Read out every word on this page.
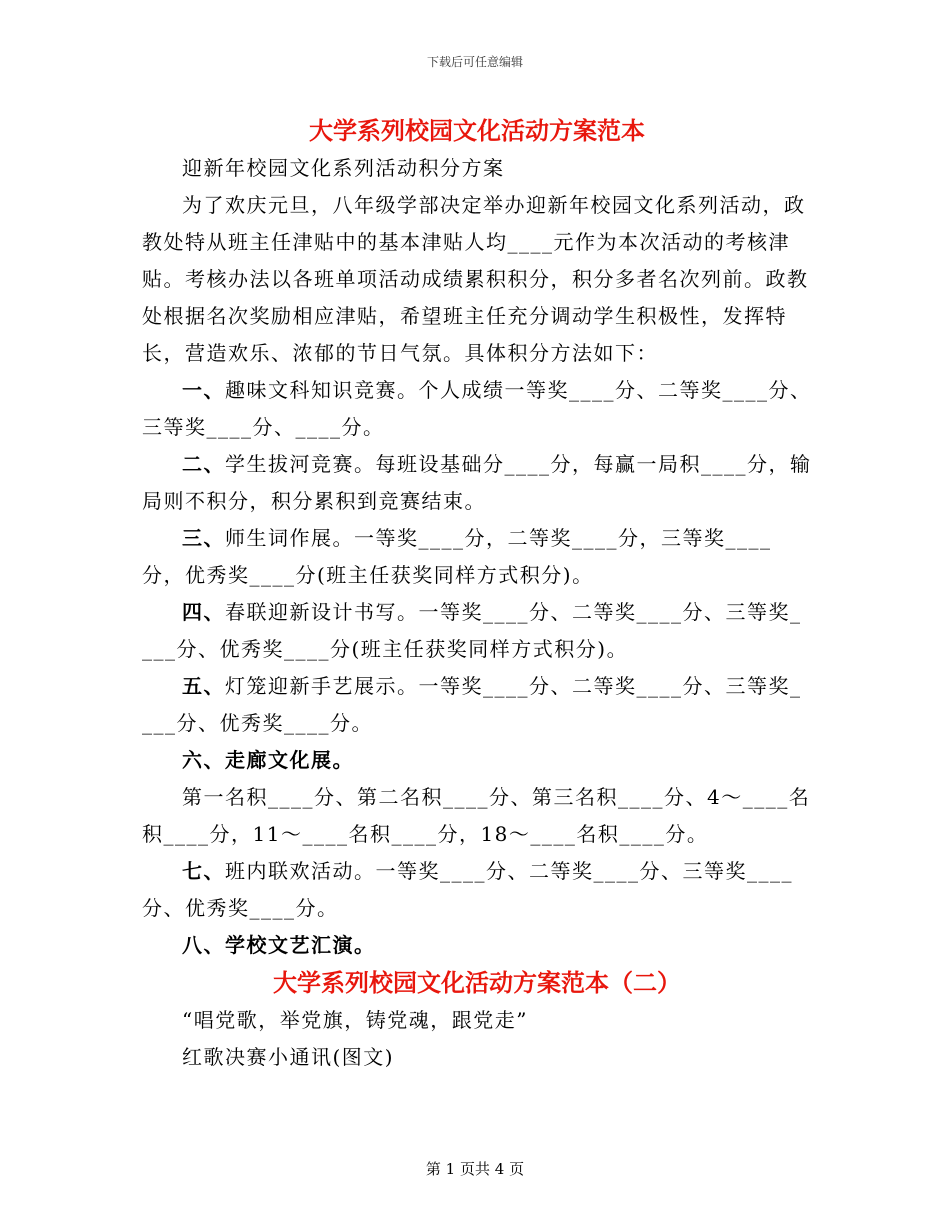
下载后可任意编辑
大学系列校园文化活动方案范本

迎新年校园文化系列活动积分方案

为了欢庆元旦，八年级学部决定举办迎新年校园文化系列活动，政教处特从班主任津贴中的基本津贴人均____元作为本次活动的考核津贴。考核办法以各班单项活动成绩累积积分，积分多者名次列前。政教处根据名次奖励相应津贴，希望班主任充分调动学生积极性，发挥特长，营造欢乐、浓郁的节日气氛。具体积分方法如下：

一、趣味文科知识竞赛。个人成绩一等奖____分、二等奖____分、三等奖____分、____分。

二、学生拔河竞赛。每班设基础分____分，每赢一局积____分，输局则不积分，积分累积到竞赛结束。

三、师生词作展。一等奖____分，二等奖____分，三等奖____分，优秀奖____分(班主任获奖同样方式积分)。

四、春联迎新设计书写。一等奖____分、二等奖____分、三等奖____分、优秀奖____分(班主任获奖同样方式积分)。

五、灯笼迎新手艺展示。一等奖____分、二等奖____分、三等奖____分、优秀奖____分。

六、走廊文化展。

第一名积____分、第二名积____分、第三名积____分、4～____名积____分，11～____名积____分，18～____名积____分。

七、班内联欢活动。一等奖____分、二等奖____分、三等奖____分、优秀奖____分。

八、学校文艺汇演。

大学系列校园文化活动方案范本（二）

“唱党歌，举党旗，铸党魂，跟党走”

红歌决赛小通讯(图文)

第 1 页共 4 页
